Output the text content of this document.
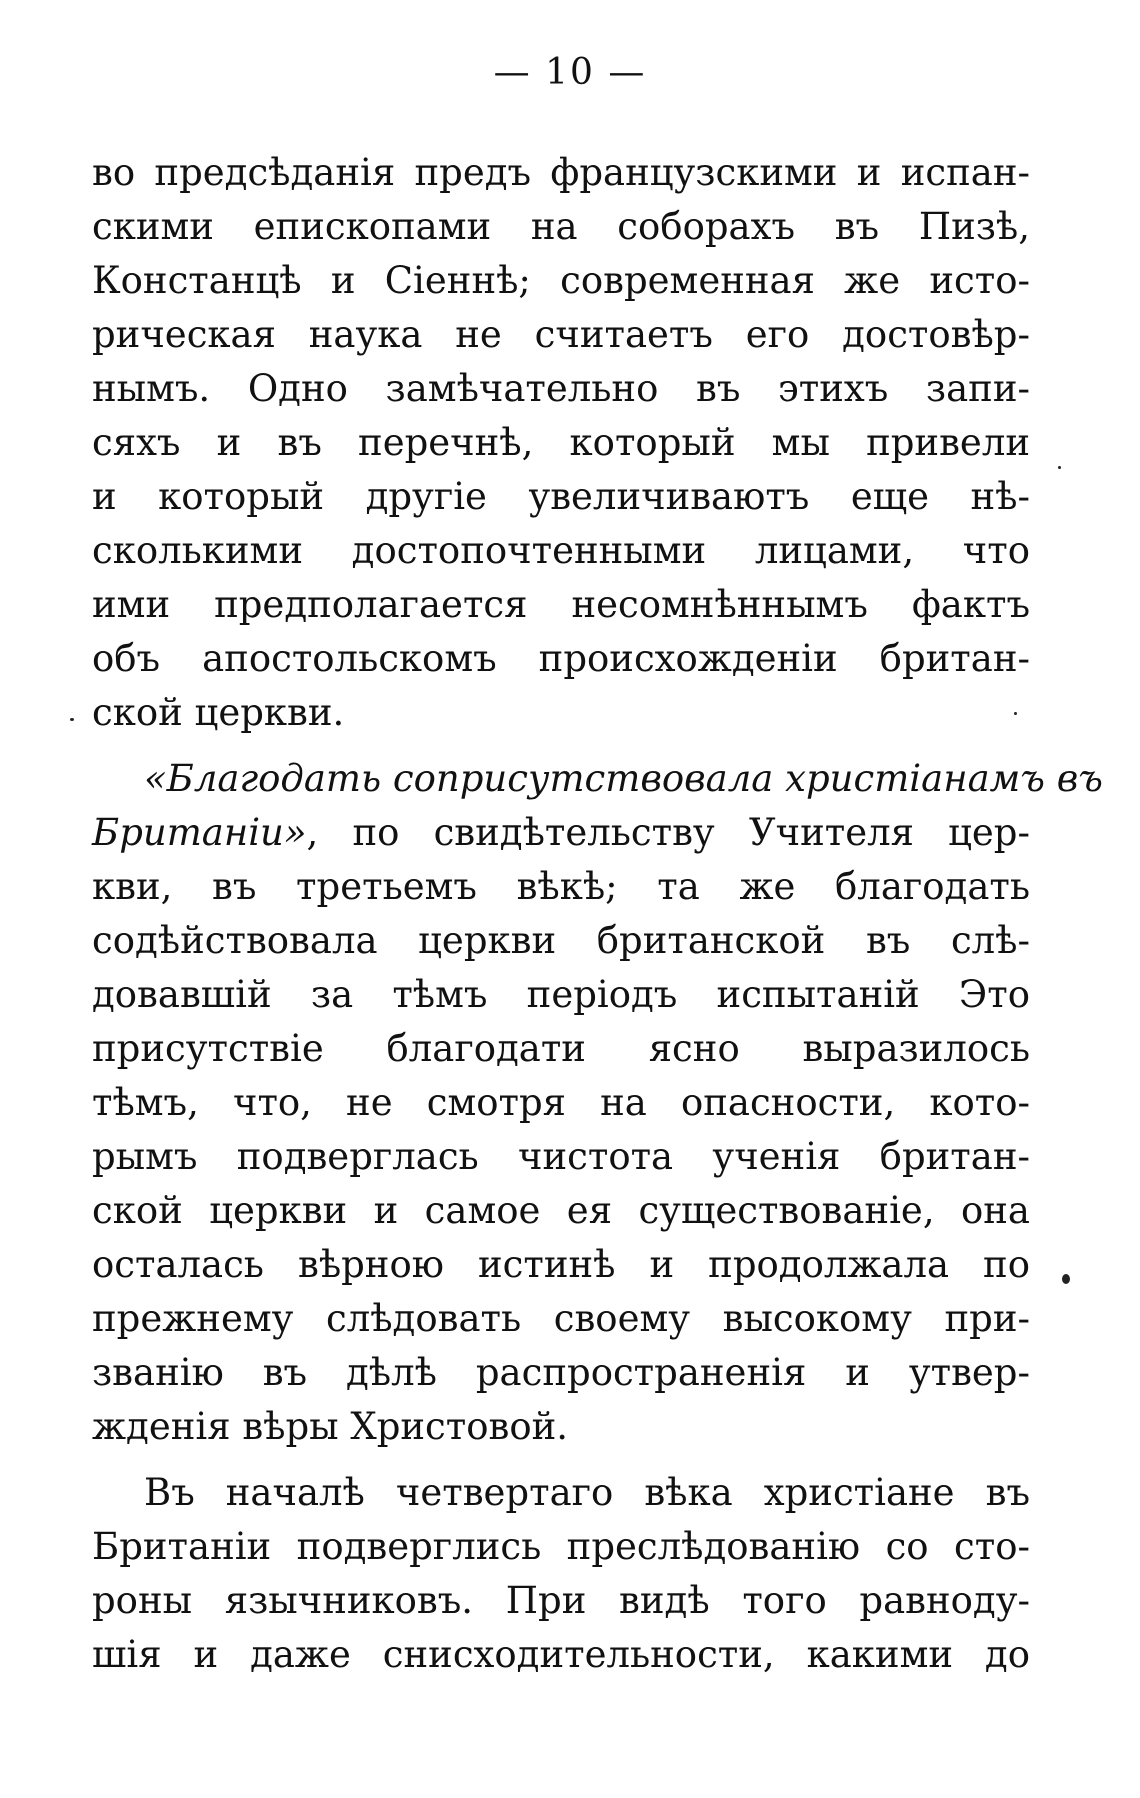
— 10 —
во предсѣданія предъ французскими и испан-
скими епископами на соборахъ въ Пизѣ,
Констанцѣ и Сіеннѣ; современная же исто-
рическая наука не считаетъ его достовѣр-
нымъ. Одно замѣчательно въ этихъ запи-
сяхъ и въ перечнѣ, который мы привели
и который другіе увеличиваютъ еще нѣ-
сколькими достопочтенными лицами, что
ими предполагается несомнѣннымъ фактъ
объ апостольскомъ происхожденіи британ-
ской церкви.
«Благодать соприсутствовала христіанамъ въ
Британіи», по свидѣтельству Учителя цер-
кви, въ третьемъ вѣкѣ; та же благодать
содѣйствовала церкви британской въ слѣ-
довавшій за тѣмъ періодъ испытаній Это
присутствіе благодати ясно выразилось
тѣмъ, что, не смотря на опасности, кото-
рымъ подверглась чистота ученія британ-
ской церкви и самое ея существованіе, она
осталась вѣрною истинѣ и продолжала по
прежнему слѣдовать своему высокому при-
званію въ дѣлѣ распространенія и утвер-
жденія вѣры Христовой.
Въ началѣ четвертаго вѣка христіане въ
Британіи подверглись преслѣдованію со сто-
роны язычниковъ. При видѣ того равноду-
шія и даже снисходительности, какими до
